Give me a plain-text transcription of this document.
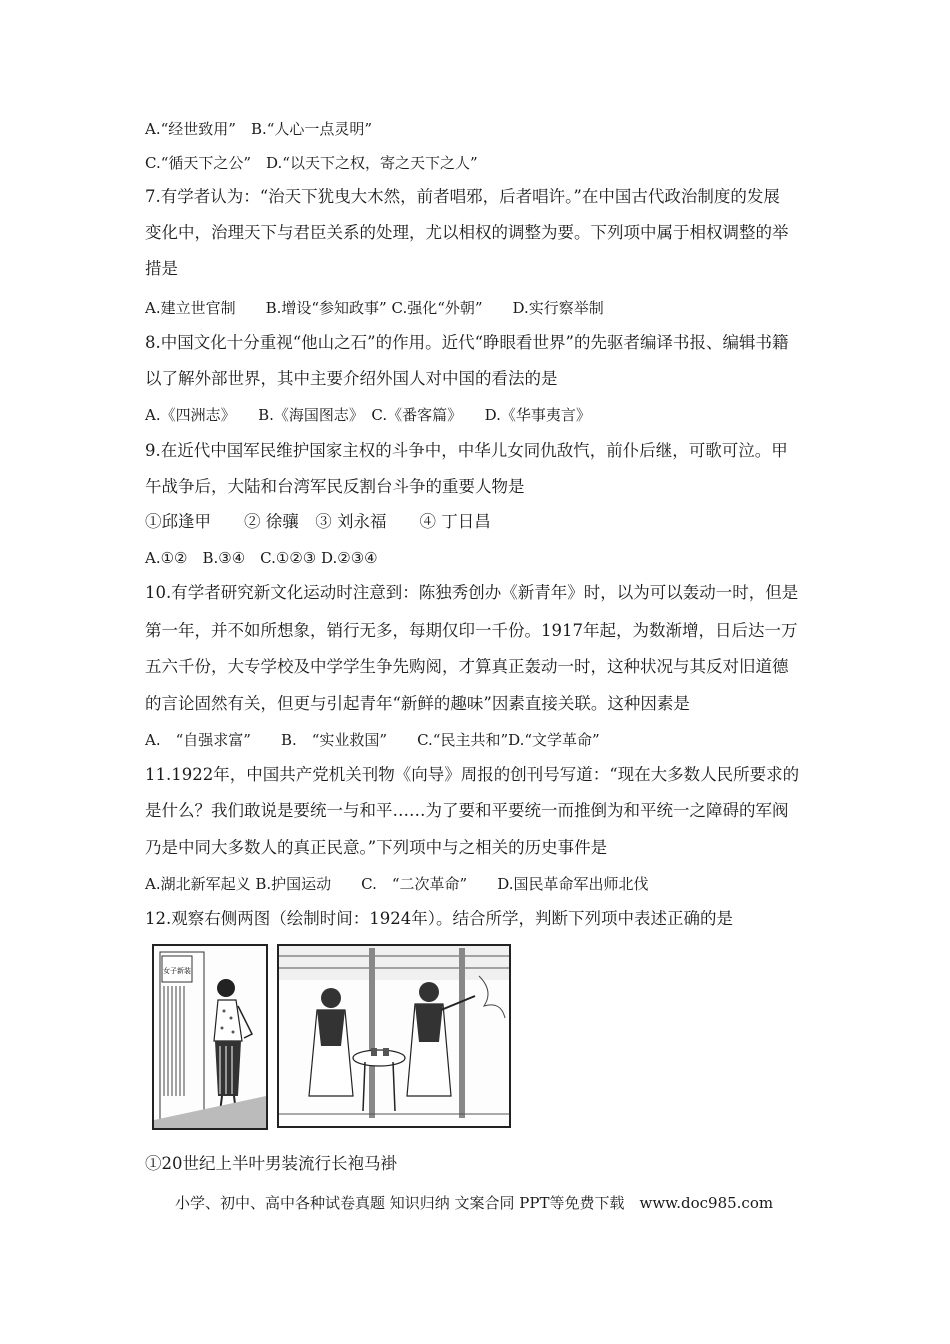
A.“经世致用”　B.“人心一点灵明”
C.“循天下之公”　D.“以天下之权，寄之天下之人”
7.有学者认为：“治天下犹曳大木然，前者唱邪，后者唱许。”在中国古代政治制度的发展
变化中，治理天下与君臣关系的处理，尤以相权的调整为要。下列项中属于相权调整的举
措是
A.建立世官制　　B.增设“参知政事” C.强化“外朝”　　D.实行察举制
8.中国文化十分重视“他山之石”的作用。近代“睁眼看世界”的先驱者编译书报、编辑书籍
以了解外部世界，其中主要介绍外国人对中国的看法的是
A.《四洲志》　　B.《海国图志》　C.《番客篇》　　D.《华事夷言》
9.在近代中国军民维护国家主权的斗争中，中华儿女同仇敌忾，前仆后继，可歌可泣。甲
午战争后，大陆和台湾军民反割台斗争的重要人物是
①邱逢甲　　② 徐骧　③ 刘永福　　④ 丁日昌
A.①②　B.③④　C.①②③ D.②③④
10.有学者研究新文化运动时注意到：陈独秀创办《新青年》时，以为可以轰动一时，但是
第一年，并不如所想象，销行无多，每期仅印一千份。1917年起，为数渐增，日后达一万
五六千份，大专学校及中学学生争先购阅，才算真正轰动一时，这种状况与其反对旧道德
的言论固然有关，但更与引起青年“新鲜的趣味”因素直接关联。这种因素是
A.　“自强求富”　　B.　“实业救国”　　C.“民主共和”D.“文学革命”
11.1922年，中国共产党机关刊物《向导》周报的创刊号写道：“现在大多数人民所要求的
是什么？我们敢说是要统一与和平……为了要和平要统一而推倒为和平统一之障碍的军阀
乃是中同大多数人的真正民意。”下列项中与之相关的历史事件是
A.湖北新军起义 B.护国运动　　C.　“二次革命”　　D.国民革命军出师北伐
12.观察右侧两图（绘制时间：1924年）。结合所学，判断下列项中表述正确的是
女子新装
①20世纪上半叶男装流行长袍马褂
小学、初中、高中各种试卷真题 知识归纳 文案合同 PPT等免费下载　www.doc985.com
